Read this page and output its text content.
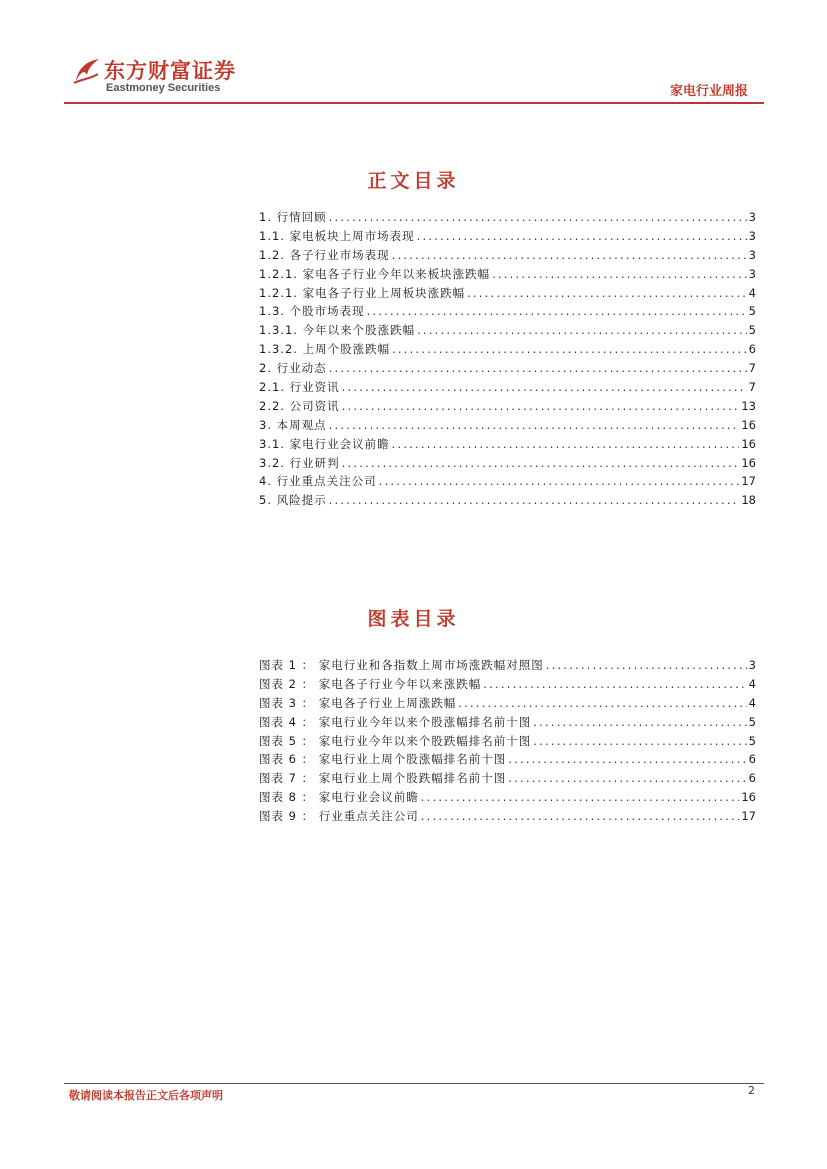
东方财富证券
Eastmoney Securities	家电行业周报
正文目录
1. 行情回顾 .....	3
1.1. 家电板块上周市场表现 .....	3
1.2. 各子行业市场表现 .....	3
1.2.1. 家电各子行业今年以来板块涨跌幅 .....	3
1.2.1. 家电各子行业上周板块涨跌幅 .....	4
1.3. 个股市场表现 .....	5
1.3.1. 今年以来个股涨跌幅 .....	5
1.3.2. 上周个股涨跌幅 .....	6
2. 行业动态 .....	7
2.1. 行业资讯 .....	7
2.2. 公司资讯 .....	13
3. 本周观点 .....	16
3.1. 家电行业会议前瞻 .....	16
3.2. 行业研判 .....	16
4. 行业重点关注公司 .....	17
5. 风险提示 .....	18
图表目录
图表 1 ： 家电行业和各指数上周市场涨跌幅对照图 .....	3
图表 2 ： 家电各子行业今年以来涨跌幅 .....	4
图表 3 ： 家电各子行业上周涨跌幅 .....	4
图表 4 ： 家电行业今年以来个股涨幅排名前十图 .....	5
图表 5 ： 家电行业今年以来个股跌幅排名前十图 .....	5
图表 6 ： 家电行业上周个股涨幅排名前十图 .....	6
图表 7 ： 家电行业上周个股跌幅排名前十图 .....	6
图表 8 ： 家电行业会议前瞻 .....	16
图表 9 ： 行业重点关注公司 .....	17
敬请阅读本报告正文后各项声明	2
